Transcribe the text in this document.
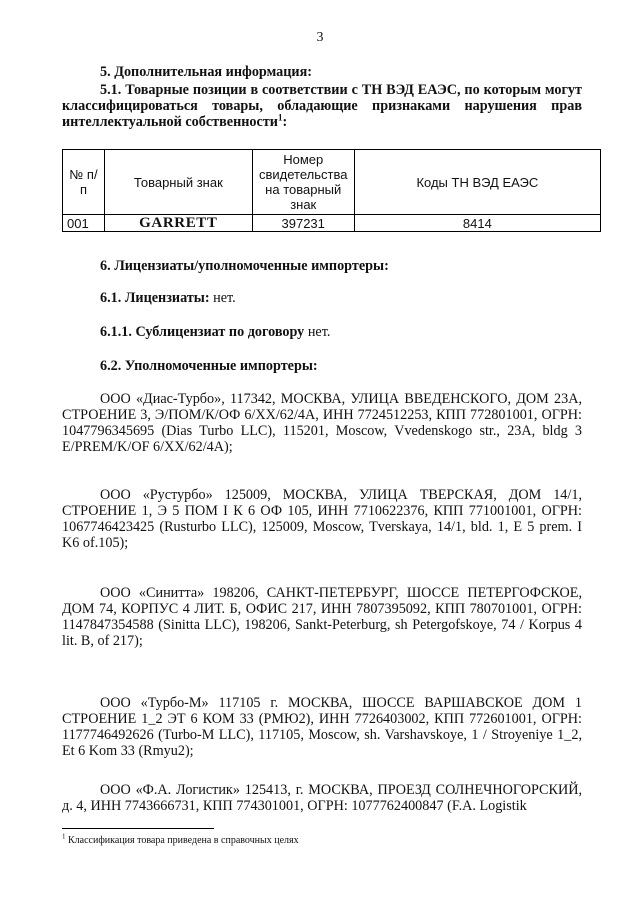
3
5. Дополнительная информация:
5.1. Товарные позиции в соответствии с ТН ВЭД ЕАЭС, по которым могут классифицироваться товары, обладающие признаками нарушения прав интеллектуальной собственности$^1$:
№ п/п	Товарный знак	Номер свидетельства на товарный знак	Коды ТН ВЭД ЕАЭС
001	GARRETT	397231	8414
6. Лицензиаты/уполномоченные импортеры:
6.1. Лицензиаты: нет.
6.1.1. Сублицензиат по договору нет.
6.2. Уполномоченные импортеры:
ООО «Диас-Турбо», 117342, МОСКВА, УЛИЦА ВВЕДЕНСКОГО, ДОМ 23А, СТРОЕНИЕ 3, Э/ПОМ/К/ОФ 6/XX/62/4А, ИНН 7724512253, КПП 772801001, ОГРН: 1047796345695 (Dias Turbo LLC), 115201, Moscow, Vvedenskogo str., 23A, bldg 3 E/PREM/K/OF 6/XX/62/4A);
ООО «Рустурбо» 125009, МОСКВА, УЛИЦА ТВЕРСКАЯ, ДОМ 14/1, СТРОЕНИЕ 1, Э 5 ПОМ I К 6 ОФ 105, ИНН 7710622376, КПП 771001001, ОГРН: 1067746423425 (Rusturbo LLC), 125009, Moscow, Tverskaya, 14/1, bld. 1, E 5 prem. I K6 of.105);
ООО «Синитта» 198206, САНКТ-ПЕТЕРБУРГ, ШОССЕ ПЕТЕРГОФСКОЕ, ДОМ 74, КОРПУС 4 ЛИТ. Б, ОФИС 217, ИНН 7807395092, КПП 780701001, ОГРН: 1147847354588 (Sinitta LLC), 198206, Sankt-Peterburg, sh Petergofskoye, 74 / Korpus 4 lit. B, of 217);
ООО «Турбо-М» 117105 г. МОСКВА, ШОССЕ ВАРШАВСКОЕ ДОМ 1 СТРОЕНИЕ 1_2 ЭТ 6 КОМ 33 (РМЮ2), ИНН 7726403002, КПП 772601001, ОГРН: 1177746492626 (Turbo-M LLC), 117105, Moscow, sh. Varshavskoye, 1 / Stroyeniye 1_2, Et 6 Kom 33 (Rmyu2);
ООО «Ф.А. Логистик» 125413, г. МОСКВА, ПРОЕЗД СОЛНЕЧНОГОРСКИЙ, д. 4, ИНН 7743666731, КПП 774301001, ОГРН: 1077762400847 (F.A. Logistik
$^1$ Классификация товара приведена в справочных целях
